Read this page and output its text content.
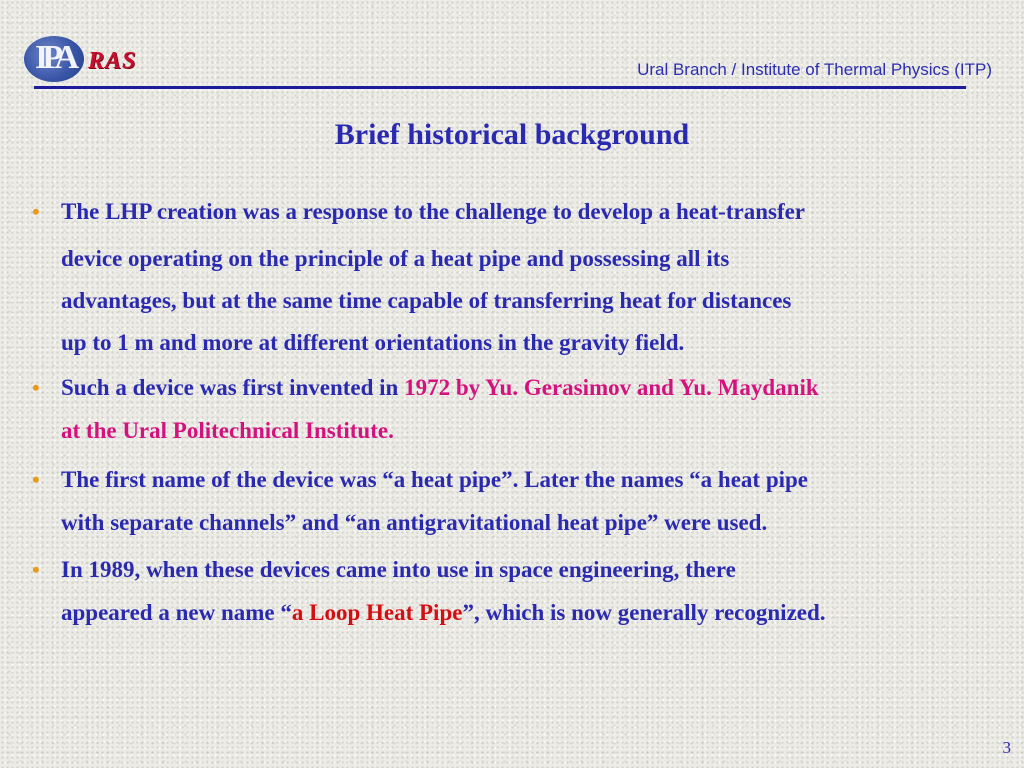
IPA RAS	Ural Branch / Institute of Thermal Physics (ITP)
Brief historical background
• The LHP creation was a response to the challenge to develop a heat-transfer
device operating on the principle of a heat pipe and possessing all its
advantages, but at the same time capable of transferring heat for distances
up to 1 m and more at different orientations in the gravity field.
• Such a device was first invented in 1972 by Yu. Gerasimov and Yu. Maydanik
at the Ural Politechnical Institute.
• The first name of the device was “a heat pipe”. Later the names “a heat pipe
with separate channels” and “an antigravitational heat pipe” were used.
• In 1989, when these devices came into use in space engineering, there
appeared a new name “a Loop Heat Pipe”, which is now generally recognized.
3
